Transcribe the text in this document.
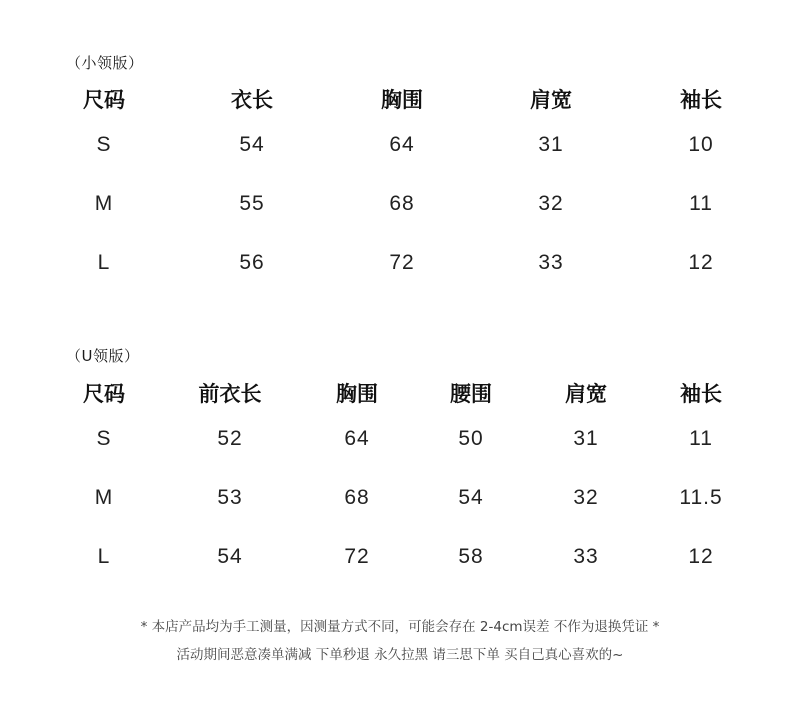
（小领版）
尺码	衣长	胸围	肩宽	袖长
S	54	64	31	10
M	55	68	32	11
L	56	72	33	12
（U领版）
尺码	前衣长	胸围	腰围	肩宽	袖长
S	52	64	50	31	11
M	53	68	54	32	11.5
L	54	72	58	33	12
* 本店产品均为手工测量，因测量方式不同，可能会存在 2-4cm误差 不作为退换凭证 *
活动期间恶意凑单满减 下单秒退 永久拉黑 请三思下单 买自己真心喜欢的~
